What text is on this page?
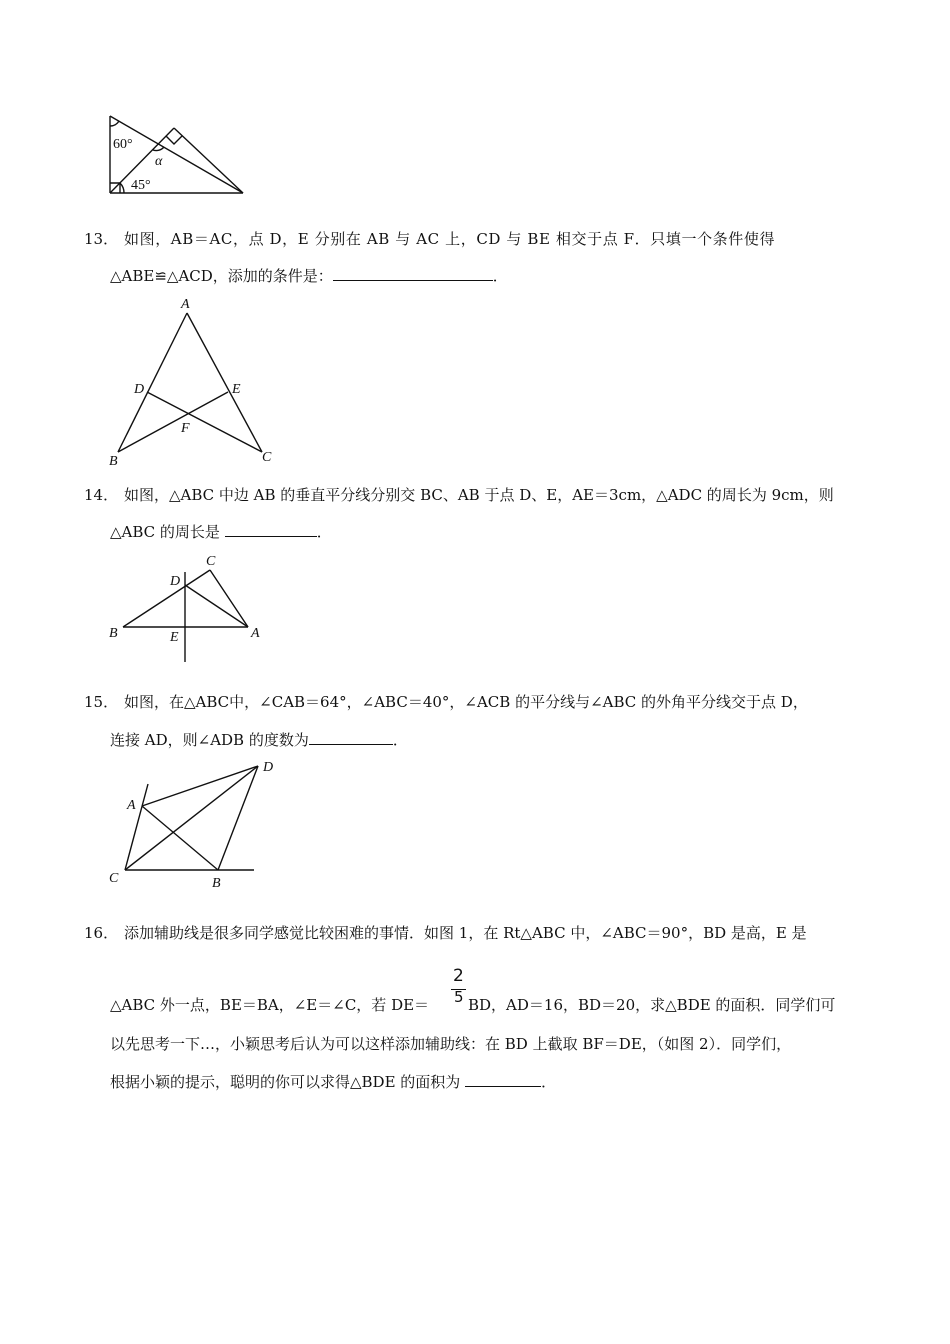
60°
α
45°
13． 如图，AB＝AC，点 D，E 分别在 AB 与 AC 上，CD 与 BE 相交于点 F．只填一个条件使得
△ABE≌△ACD，添加的条件是：	．
A
D	E
F
B	C
14． 如图，△ABC 中边 AB 的垂直平分线分别交 BC、AB 于点 D、E，AE＝3cm，△ADC 的周长为 9cm，则
△ABC 的周长是	．
C
D
B	E	A
15． 如图，在△ABC中，∠CAB＝64°，∠ABC＝40°，∠ACB 的平分线与∠ABC 的外角平分线交于点 D，
连接 AD，则∠ADB 的度数为	．
D
A
C	B
16． 添加辅助线是很多同学感觉比较困难的事情．如图 1，在 Rt△ABC 中，∠ABC＝90°，BD 是高，E 是
2
5
△ABC 外一点，BE＝BA，∠E＝∠C，若 DE＝	BD，AD＝16，BD＝20，求△BDE 的面积．同学们可
以先思考一下…，小颖思考后认为可以这样添加辅助线：在 BD 上截取 BF＝DE，（如图 2）．同学们，
根据小颖的提示，聪明的你可以求得△BDE 的面积为	．
